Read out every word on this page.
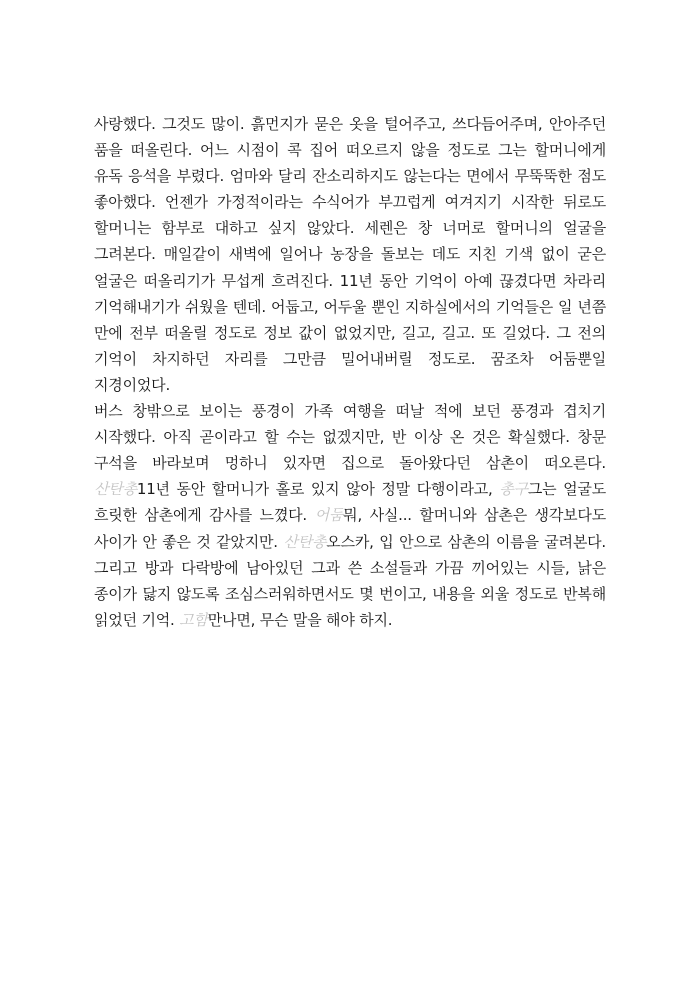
사랑했다. 그것도 많이. 흙먼지가 묻은 옷을 털어주고, 쓰다듬어주며, 안아주던 품을 떠올린다. 어느 시점이 콕 집어 떠오르지 않을 정도로 그는 할머니에게 유독 응석을 부렸다. 엄마와 달리 잔소리하지도 않는다는 면에서 무뚝뚝한 점도 좋아했다. 언젠가 가정적이라는 수식어가 부끄럽게 여겨지기 시작한 뒤로도 할머니는 함부로 대하고 싶지 않았다. 세렌은 창 너머로 할머니의 얼굴을 그려본다. 매일같이 새벽에 일어나 농장을 돌보는 데도 지친 기색 없이 굳은 얼굴은 떠올리기가 무섭게 흐려진다. 11년 동안 기억이 아예 끊겼다면 차라리 기억해내기가 쉬웠을 텐데. 어둡고, 어두울 뿐인 지하실에서의 기억들은 일 년쯤 만에 전부 떠올릴 정도로 정보 값이 없었지만, 길고, 길고. 또 길었다. 그 전의 기억이 차지하던 자리를 그만큼 밀어내버릴 정도로. 꿈조차 어둠뿐일 지경이었다.

버스 창밖으로 보이는 풍경이 가족 여행을 떠날 적에 보던 풍경과 겹치기 시작했다. 아직 곧이라고 할 수는 없겠지만, 반 이상 온 것은 확실했다. 창문 구석을 바라보며 멍하니 있자면 집으로 돌아왔다던 삼촌이 떠오른다. 산탄총11년 동안 할머니가 홀로 있지 않아 정말 다행이라고, 총구그는 얼굴도 흐릿한 삼촌에게 감사를 느꼈다. 어둠뭐, 사실... 할머니와 삼촌은 생각보다도 사이가 안 좋은 것 같았지만. 산탄총오스카, 입 안으로 삼촌의 이름을 굴려본다. 그리고 방과 다락방에 남아있던 그과 쓴 소설들과 가끔 끼어있는 시들, 낡은 종이가 닳지 않도록 조심스러워하면서도 몇 번이고, 내용을 외울 정도로 반복해 읽었던 기억. 고함만나면, 무슨 말을 해야 하지.
